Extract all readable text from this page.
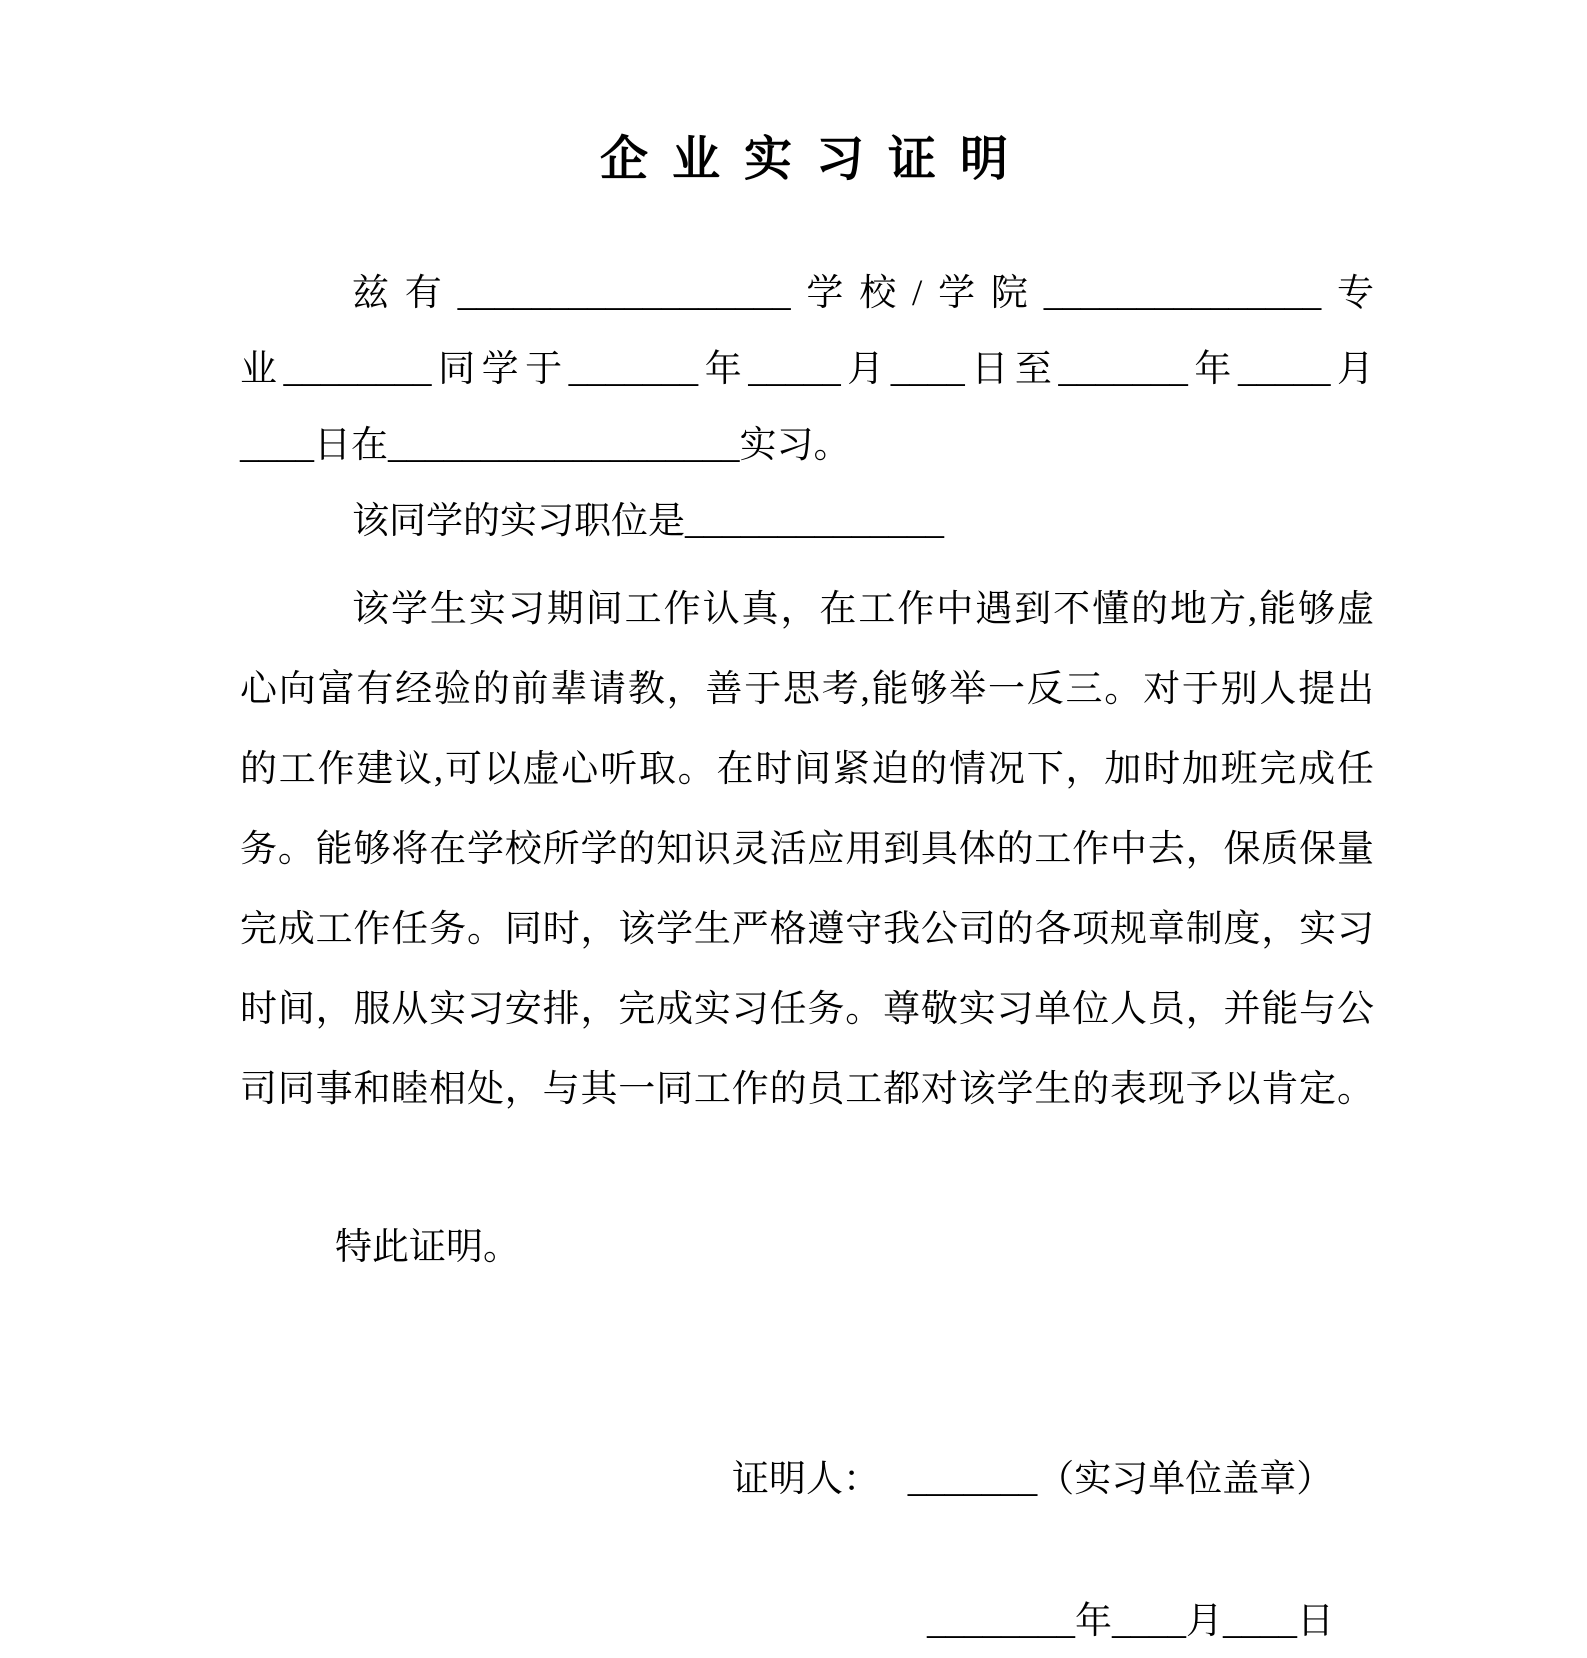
企 业 实 习 证 明
兹有__________________学校/学院_______________专
业________同学于_______年_____月____日至_______年_____月
____日在___________________实习。
该同学的实习职位是______________
该学生实习期间工作认真，在工作中遇到不懂的地方,能够虚
心向富有经验的前辈请教，善于思考,能够举一反三。对于别人提出
的工作建议,可以虚心听取。在时间紧迫的情况下，加时加班完成任
务。能够将在学校所学的知识灵活应用到具体的工作中去，保质保量
完成工作任务。同时，该学生严格遵守我公司的各项规章制度，实习
时间，服从实习安排，完成实习任务。尊敬实习单位人员，并能与公
司同事和睦相处，与其一同工作的员工都对该学生的表现予以肯定。
特此证明。
证明人：　 _______（实习单位盖章）
________年____月____日
